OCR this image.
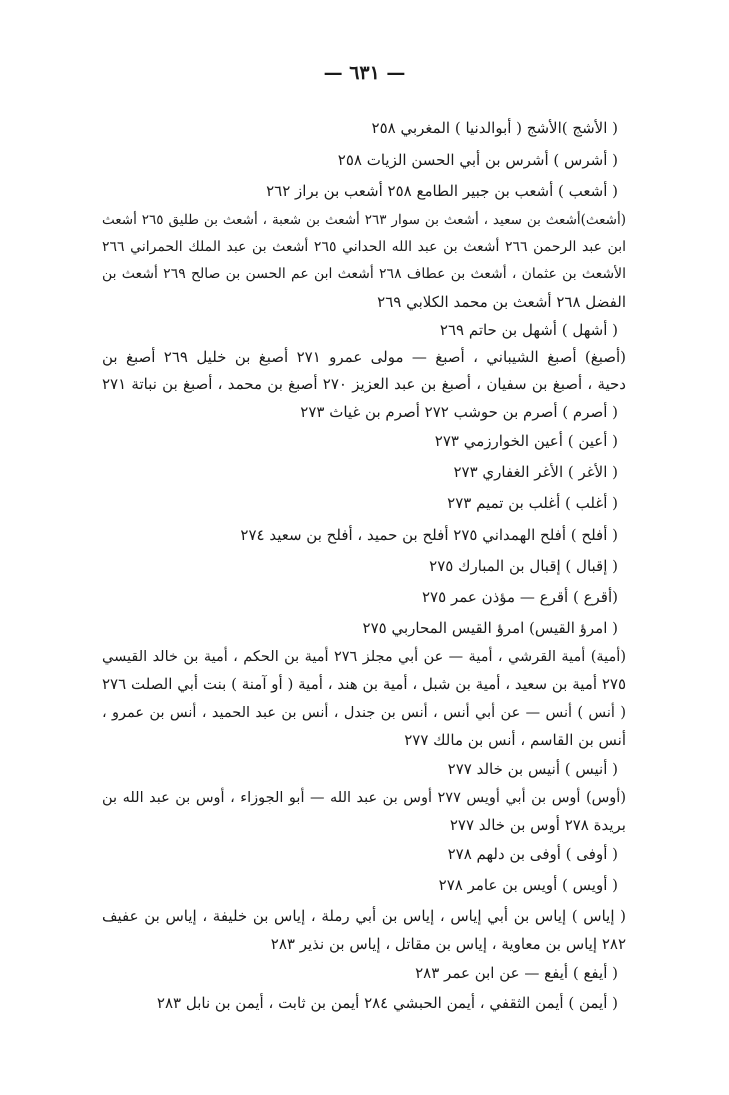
— ٦٣١ —
( الأشج )الأشج ( أبوالدنيا ) المغربي ٢٥٨
( أشرس ) أشرس بن أبي الحسن الزيات ٢٥٨
( أشعب ) أشعب بن جبير الطامع ٢٥٨ أشعب بن براز ٢٦٢
(أشعث)أشعث بن سعيد ، أشعث بن سوار ٢٦٣ أشعث بن شعبة ، أشعث بن طليق ٢٦٥ أشعث
ابن عبد الرحمن ٢٦٦ أشعث بن عبد الله الحداني ٢٦٥ أشعث بن عبد الملك الحمراني ٢٦٦
الأشعث بن عثمان ، أشعث بن عطاف ٢٦٨ أشعث ابن عم الحسن بن صالح ٢٦٩ أشعث بن
الفضل ٢٦٨ أشعث بن محمد الكلابي ٢٦٩
( أشهل ) أشهل بن حاتم ٢٦٩
(أصبغ) أصبغ الشيباني ، أصبغ — مولى عمرو ٢٧١ أصبغ بن خليل ٢٦٩ أصبغ بن
دحية ، أصبغ بن سفيان ، أصبغ بن عبد العزيز ٢٧٠ أصبغ بن محمد ، أصبغ بن نباتة ٢٧١
( أصرم ) أصرم بن حوشب ٢٧٢ أصرم بن غياث ٢٧٣
( أعين ) أعين الخوارزمي ٢٧٣
( الأغر ) الأغر الغفاري ٢٧٣
( أغلب ) أغلب بن تميم ٢٧٣
( أفلح ) أفلح الهمداني ٢٧٥ أفلح بن حميد ، أفلح بن سعيد ٢٧٤
( إقبال ) إقبال بن المبارك ٢٧٥
(أقرع ) أقرع — مؤذن عمر ٢٧٥
( امرؤ القيس) امرؤ القيس المحاربي ٢٧٥
(أمية) أمية القرشي ، أمية — عن أبي مجلز ٢٧٦ أمية بن الحكم ، أمية بن خالد القيسي
٢٧٥ أمية بن سعيد ، أمية بن شبل ، أمية بن هند ، أمية ( أو آمنة ) بنت أبي الصلت ٢٧٦
( أنس ) أنس — عن أبي أنس ، أنس بن جندل ، أنس بن عبد الحميد ، أنس بن عمرو ،
أنس بن القاسم ، أنس بن مالك ٢٧٧
( أنيس ) أنيس بن خالد ٢٧٧
(أوس) أوس بن أبي أويس ٢٧٧ أوس بن عبد الله — أبو الجوزاء ، أوس بن عبد الله بن
بريدة ٢٧٨ أوس بن خالد ٢٧٧
( أوفى ) أوفى بن دلهم ٢٧٨
( أويس ) أويس بن عامر ٢٧٨
( إياس ) إياس بن أبي إياس ، إياس بن أبي رملة ، إياس بن خليفة ، إياس بن عفيف
٢٨٢ إياس بن معاوية ، إياس بن مقاتل ، إياس بن نذير ٢٨٣
( أيفع ) أيفع — عن ابن عمر ٢٨٣
( أيمن ) أيمن الثقفي ، أيمن الحبشي ٢٨٤ أيمن بن ثابت ، أيمن بن نابل ٢٨٣
